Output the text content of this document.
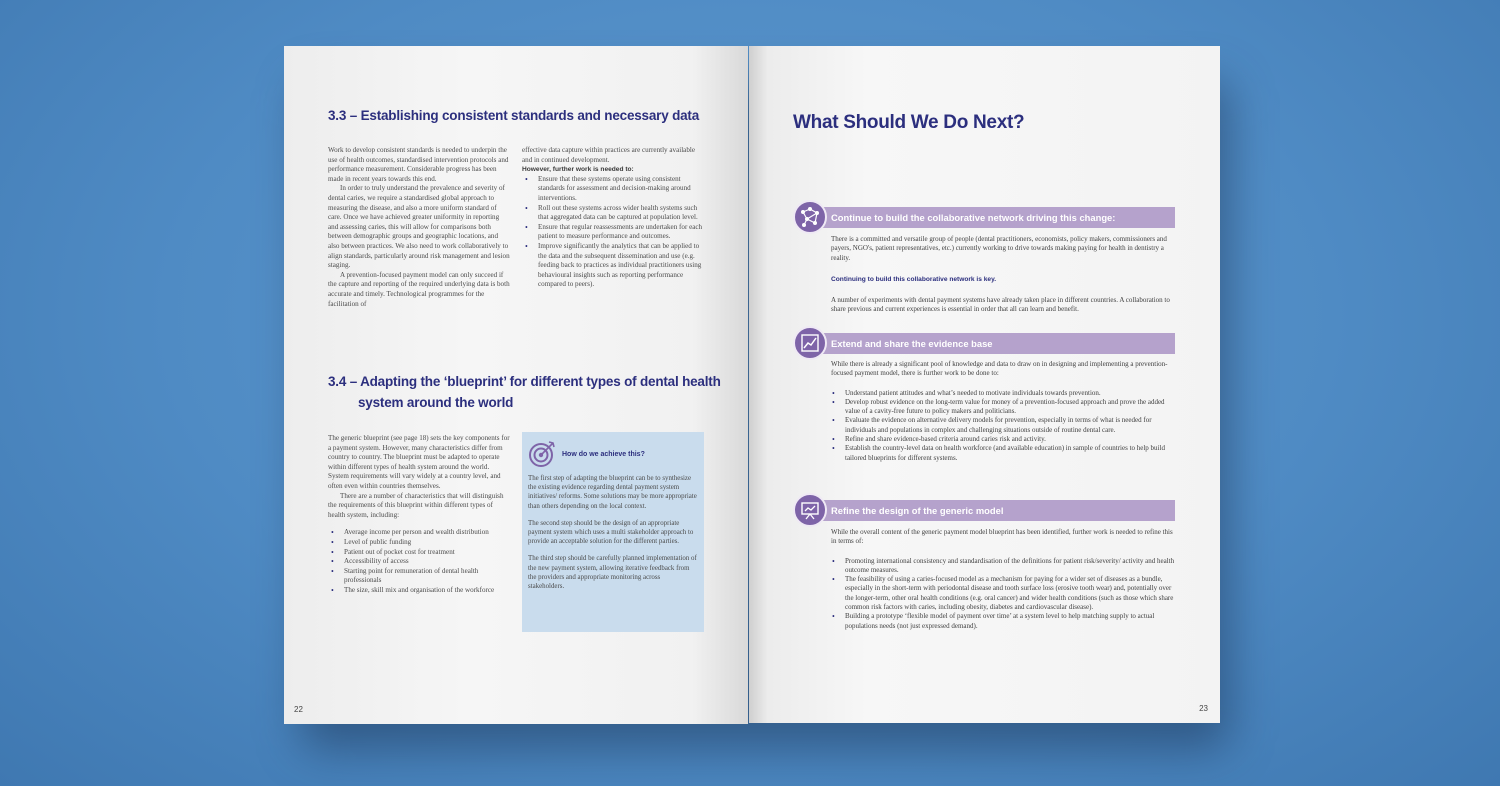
3.3 – Establishing consistent standards and necessary data

Work to develop consistent standards is needed to underpin the use of health outcomes, standardised intervention protocols and performance measurement. Considerable progress has been made in recent years towards this end.

In order to truly understand the prevalence and severity of dental caries, we require a standardised global approach to measuring the disease, and also a more uniform standard of care. Once we have achieved greater uniformity in reporting and assessing caries, this will allow for comparisons both between demographic groups and geographic locations, and also between practices. We also need to work collaboratively to align standards, particularly around risk management and lesion staging.

A prevention-focused payment model can only succeed if the capture and reporting of the required underlying data is both accurate and timely. Technological programmes for the facilitation of

effective data capture within practices are currently available and in continued development.

However, further work is needed to:

• Ensure that these systems operate using consistent standards for assessment and decision-making around interventions.
• Roll out these systems across wider health systems such that aggregated data can be captured at population level.
• Ensure that regular reassessments are undertaken for each patient to measure performance and outcomes.
• Improve significantly the analytics that can be applied to the data and the subsequent dissemination and use (e.g. feeding back to practices as individual practitioners using behavioural insights such as reporting performance compared to peers).
3.4 – Adapting the ‘blueprint’ for different types of dental health
system around the world

The generic blueprint (see page 18) sets the key components for a payment system. However, many characteristics differ from country to country. The blueprint must be adapted to operate within different types of health system around the world. System requirements will vary widely at a country level, and often even within countries themselves.

There are a number of characteristics that will distinguish the requirements of this blueprint within different types of health system, including:

• Average income per person and wealth distribution
• Level of public funding
• Patient out of pocket cost for treatment
• Accessibility of access
• Starting point for remuneration of dental health professionals
• The size, skill mix and organisation of the workforce
How do we achieve this?

The first step of adapting the blueprint can be to synthesize the existing evidence regarding dental payment system initiatives/ reforms. Some solutions may be more appropriate than others depending on the local context.

The second step should be the design of an appropriate payment system which uses a multi stakeholder approach to provide an acceptable solution for the different parties.

The third step should be carefully planned implementation of the new payment system, allowing iterative feedback from the providers and appropriate monitoring across stakeholders.

22
What Should We Do Next?
Continue to build the collaborative network driving this change:

There is a committed and versatile group of people (dental practitioners, economists, policy makers, commissioners and payers, NGO's, patient representatives, etc.) currently working to drive towards making paying for health in dentistry a reality.

Continuing to build this collaborative network is key.

A number of experiments with dental payment systems have already taken place in different countries. A collaboration to share previous and current experiences is essential in order that all can learn and benefit.

Extend and share the evidence base

While there is already a significant pool of knowledge and data to draw on in designing and implementing a prevention-focused payment model, there is further work to be done to:

• Understand patient attitudes and what’s needed to motivate individuals towards prevention.
• Develop robust evidence on the long-term value for money of a prevention-focused approach and prove the added value of a cavity-free future to policy makers and politicians.
• Evaluate the evidence on alternative delivery models for prevention, especially in terms of what is needed for individuals and populations in complex and challenging situations outside of routine dental care.
• Refine and share evidence-based criteria around caries risk and activity.
• Establish the country-level data on health workforce (and available education) in sample of countries to help build tailored blueprints for different systems.
Refine the design of the generic model

While the overall content of the generic payment model blueprint has been identified, further work is needed to refine this in terms of:

• Promoting international consistency and standardisation of the definitions for patient risk/severity/ activity and health outcome measures.
• The feasibility of using a caries-focused model as a mechanism for paying for a wider set of diseases as a bundle, especially in the short-term with periodontal disease and tooth surface loss (erosive tooth wear) and, potentially over the longer-term, other oral health conditions (e.g. oral cancer) and wider health conditions (such as those which share common risk factors with caries, including obesity, diabetes and cardiovascular disease).
• Building a prototype ‘flexible model of payment over time’ at a system level to help matching supply to actual populations needs (not just expressed demand).
23
